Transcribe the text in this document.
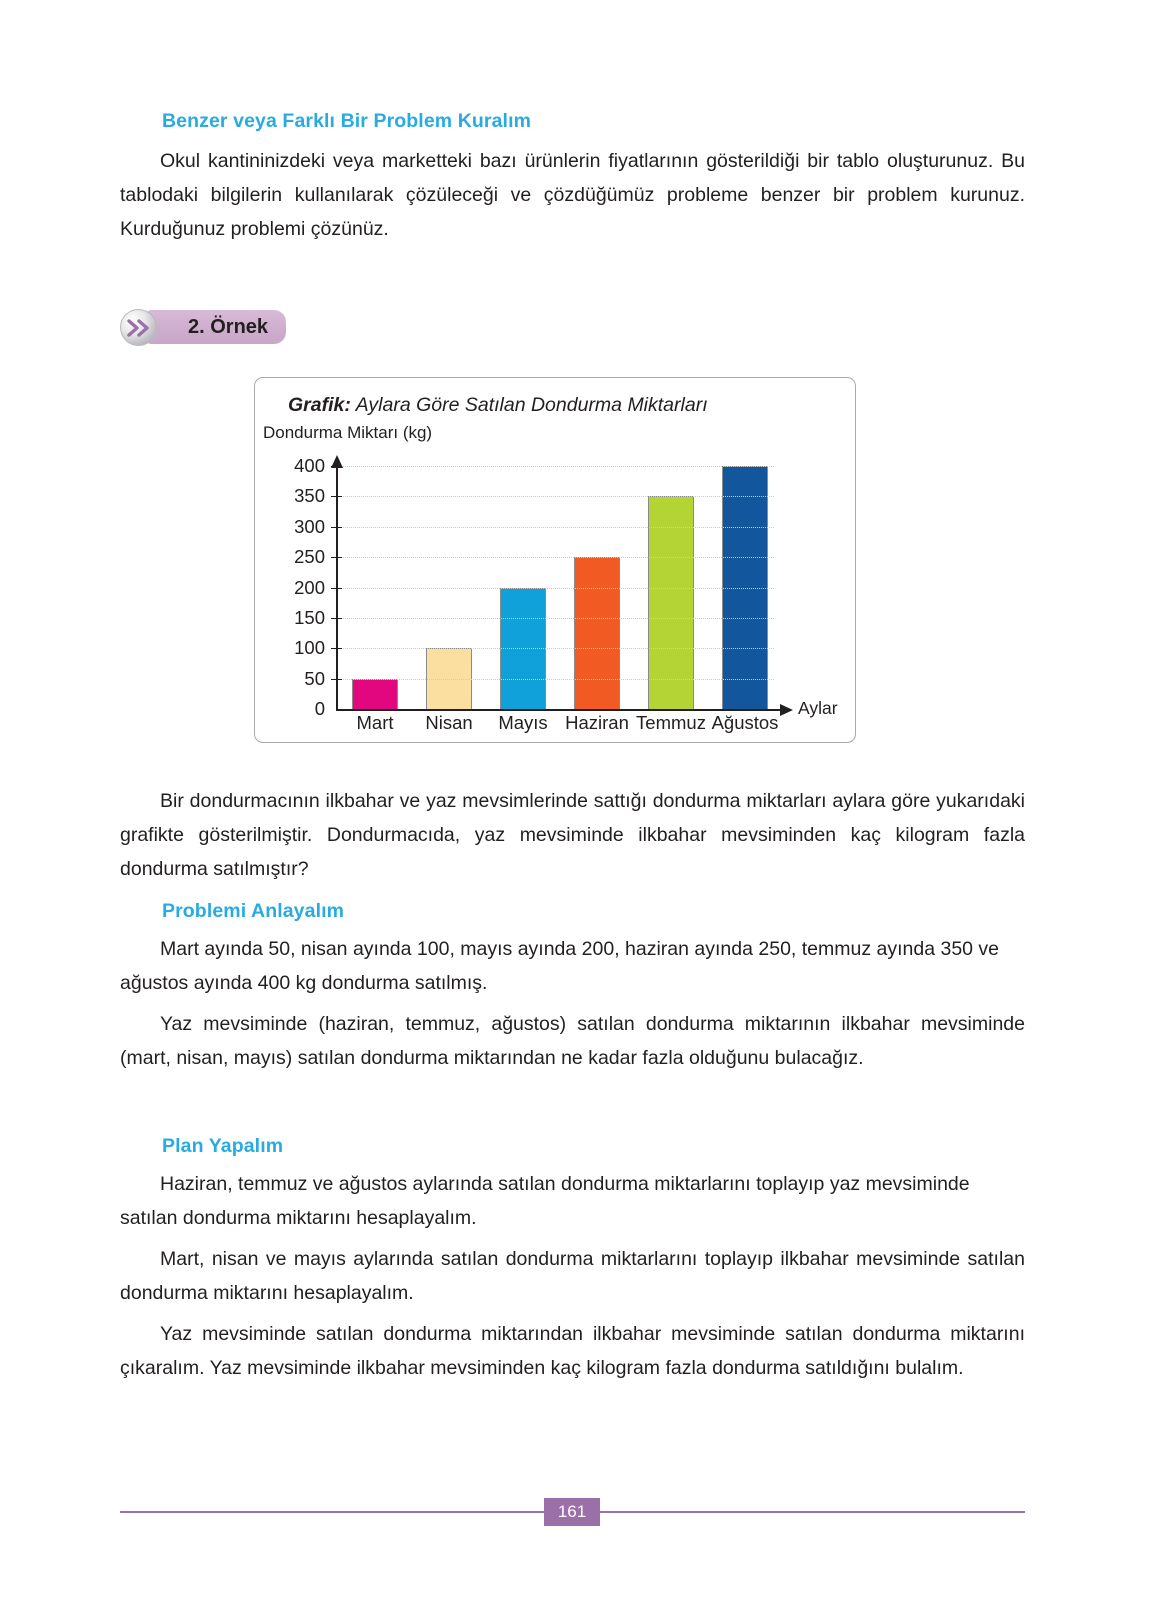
Benzer veya Farklı Bir Problem Kuralım

Okul kantininizdeki veya marketteki bazı ürünlerin fiyatlarının gösterildiği bir tablo oluşturunuz. Bu tablodaki bilgilerin kullanılarak çözüleceği ve çözdüğümüz probleme benzer bir problem kurunuz. Kurduğunuz problemi çözünüz.

2. Örnek
Grafik: Aylara Göre Satılan Dondurma Miktarları
Dondurma Miktarı (kg)
Aylar
0
50
100
150
200
250
300
350
400
Mart	Nisan	Mayıs Haziran Temmuz Ağustos

Bir dondurmacının ilkbahar ve yaz mevsimlerinde sattığı dondurma miktarları aylara göre yukarıdaki grafikte gösterilmiştir. Dondurmacıda, yaz mevsiminde ilkbahar mevsiminden kaç kilogram fazla dondurma satılmıştır?

Problemi Anlayalım

Mart ayında 50, nisan ayında 100, mayıs ayında 200, haziran ayında 250, temmuz ayında 350 ve ağustos ayında 400 kg dondurma satılmış.

Yaz mevsiminde (haziran, temmuz, ağustos) satılan dondurma miktarının ilkbahar mevsiminde (mart, nisan, mayıs) satılan dondurma miktarından ne kadar fazla olduğunu bulacağız.

Plan Yapalım

Haziran, temmuz ve ağustos aylarında satılan dondurma miktarlarını toplayıp yaz mevsiminde satılan dondurma miktarını hesaplayalım.

Mart, nisan ve mayıs aylarında satılan dondurma miktarlarını toplayıp ilkbahar mevsiminde satılan dondurma miktarını hesaplayalım.

Yaz mevsiminde satılan dondurma miktarından ilkbahar mevsiminde satılan dondurma miktarını çıkaralım. Yaz mevsiminde ilkbahar mevsiminden kaç kilogram fazla dondurma satıldığını bulalım.

161
